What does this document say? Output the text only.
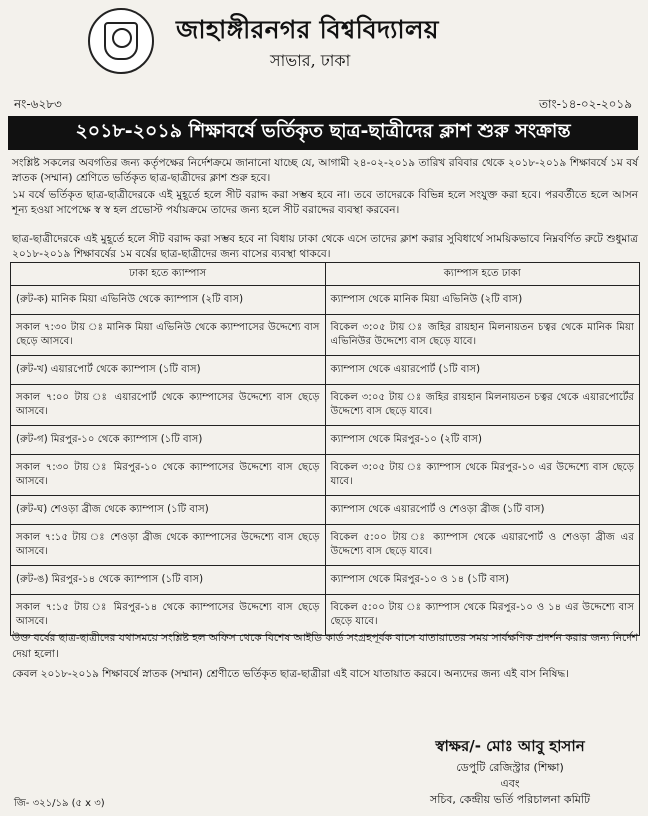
জাহাঙ্গীরনগর বিশ্ববিদ্যালয়
সাভার, ঢাকা
নং-৬২৮৩	তাং-১৪-০২-২০১৯
২০১৮-২০১৯ শিক্ষাবর্ষে ভর্তিকৃত ছাত্র-ছাত্রীদের ক্লাশ শুরু সংক্রান্ত
সংশ্লিষ্ট সকলের অবগতির জন্য কর্তৃপক্ষের নির্দেশক্রমে জানানো যাচ্ছে যে, আগামী ২৪-০২-২০১৯ তারিখ রবিবার থেকে ২০১৮-২০১৯ শিক্ষাবর্ষে ১ম বর্ষ স্নাতক (সম্মান) শ্রেণিতে ভর্তিকৃত ছাত্র-ছাত্রীদের ক্লাশ শুরু হবে।
১ম বর্ষে ভর্তিকৃত ছাত্র-ছাত্রীদেরকে এই মুহূর্তে হলে সীট বরাদ্দ করা সম্ভব হবে না। তবে তাদেরকে বিভিন্ন হলে সংযুক্ত করা হবে। পরবর্তীতে হলে আসন শূন্য হওয়া সাপেক্ষে স্ব স্ব হল প্রভোস্ট পর্যায়ক্রমে তাদের জন্য হলে সীট বরাদ্দের ব্যবস্থা করবেন।
ছাত্র-ছাত্রীদেরকে এই মুহূর্তে হলে সীট বরাদ্দ করা সম্ভব হবে না বিধায় ঢাকা থেকে এসে তাদের ক্লাশ করার সুবিধার্থে সাময়িকভাবে নিম্নবর্ণিত রুটে শুধুমাত্র ২০১৮-২০১৯ শিক্ষাবর্ষের ১ম বর্ষের ছাত্র-ছাত্রীদের জন্য বাসের ব্যবস্থা থাকবে।
ঢাকা হতে ক্যাম্পাস	ক্যাম্পাস হতে ঢাকা
(রুট-ক) মানিক মিয়া এভিনিউ থেকে ক্যাম্পাস (২টি বাস)	ক্যাম্পাস থেকে মানিক মিয়া এভিনিউ (২টি বাস)
সকাল ৭:৩০ টায় ঃ মানিক মিয়া এভিনিউ থেকে ক্যাম্পাসের উদ্দেশ্যে বাস ছেড়ে আসবে।	বিকেল ৩:০৫ টায় ঃ জহির রায়হান মিলনায়তন চত্বর থেকে মানিক মিয়া এভিনিউর উদ্দেশ্যে বাস ছেড়ে যাবে।
(রুট-খ) এয়ারপোর্ট থেকে ক্যাম্পাস (১টি বাস)	ক্যাম্পাস থেকে এয়ারপোর্ট (১টি বাস)
সকাল ৭:০০ টায় ঃ এয়ারপোর্ট থেকে ক্যাম্পাসের উদ্দেশ্যে বাস ছেড়ে আসবে।	বিকেল ৩:০৫ টায় ঃ জহির রায়হান মিলনায়তন চত্বর থেকে এয়ারপোর্টের উদ্দেশ্যে বাস ছেড়ে যাবে।
(রুট-গ) মিরপুর-১০ থেকে ক্যাম্পাস (১টি বাস)	ক্যাম্পাস থেকে মিরপুর-১০ (২টি বাস)
সকাল ৭:৩০ টায় ঃ মিরপুর-১০ থেকে ক্যাম্পাসের উদ্দেশ্যে বাস ছেড়ে আসবে।	বিকেল ৩:০৫ টায় ঃ ক্যাম্পাস থেকে মিরপুর-১০ এর উদ্দেশ্যে বাস ছেড়ে যাবে।
(রুট-ঘ) শেওড়া ব্রীজ থেকে ক্যাম্পাস (১টি বাস)	ক্যাম্পাস থেকে এয়ারপোর্ট ও শেওড়া ব্রীজ (১টি বাস)
সকাল ৭:১৫ টায় ঃ শেওড়া ব্রীজ থেকে ক্যাম্পাসের উদ্দেশ্যে বাস ছেড়ে আসবে।	বিকেল ৫:০০ টায় ঃ ক্যাম্পাস থেকে এয়ারপোর্ট ও শেওড়া ব্রীজ এর উদ্দেশ্যে বাস ছেড়ে যাবে।
(রুট-ঙ) মিরপুর-১৪ থেকে ক্যাম্পাস (১টি বাস)	ক্যাম্পাস থেকে মিরপুর-১০ ও ১৪ (১টি বাস)
সকাল ৭:১৫ টায় ঃ মিরপুর-১৪ থেকে ক্যাম্পাসের উদ্দেশ্যে বাস ছেড়ে আসবে।	বিকেল ৫:০০ টায় ঃ ক্যাম্পাস থেকে মিরপুর-১০ ও ১৪ এর উদ্দেশ্যে বাস ছেড়ে যাবে।
উক্ত বর্ষের ছাত্র-ছাত্রীদের যথাসময়ে সংশ্লিষ্ট হল অফিস থেকে বিশেষ আইডি কার্ড সংগ্রহপূর্বক বাসে যাতায়াতের সময় সার্বক্ষণিক প্রদর্শন করার জন্য নির্দেশ দেয়া হলো।
কেবল ২০১৮-২০১৯ শিক্ষাবর্ষে স্নাতক (সম্মান) শ্রেণীতে ভর্তিকৃত ছাত্র-ছাত্রীরা এই বাসে যাতায়াত করবে। অন্যদের জন্য এই বাস নিষিদ্ধ।
স্বাক্ষর/- মোঃ আবু হাসান
ডেপুটি রেজিস্ট্রার (শিক্ষা)
এবং
সচিব, কেন্দ্রীয় ভর্তি পরিচালনা কমিটি
জি- ৩২১/১৯ (৫ x ৩)
